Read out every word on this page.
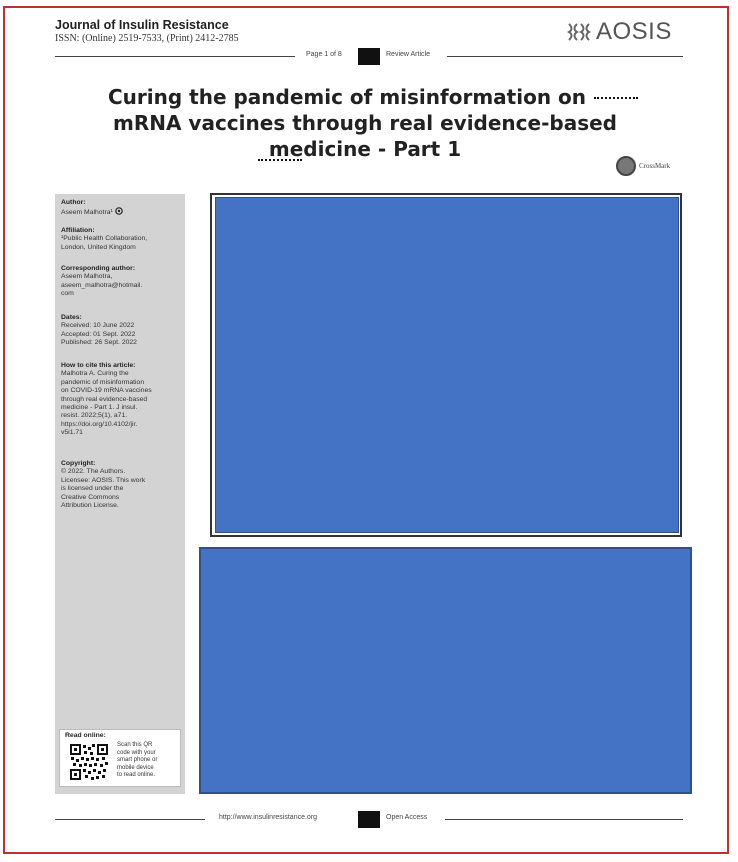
Journal of Insulin Resistance
ISSN: (Online) 2519-7533, (Print) 2412-2785	AOSIS
Page 1 of 8	Review Article
Curing the pandemic of misinformation on
mRNA vaccines through real evidence-based
medicine - Part 1
CrossMark
Author:
Aseem Malhotra¹
Affiliation:
¹Public Health Collaboration,
London, United Kingdom
Corresponding author:
Aseem Malhotra,
aseem_malhotra@hotmail.
com
Dates:
Received: 10 June 2022
Accepted: 01 Sept. 2022
Published: 26 Sept. 2022
How to cite this article:
Malhotra A. Curing the
pandemic of misinformation
on COVID-19 mRNA vaccines
through real evidence-based
medicine - Part 1. J insul.
resist. 2022;5(1), a71.
https://doi.org/10.4102/jir.
v5i1.71
Copyright:
© 2022. The Authors.
Licensee: AOSIS. This work
is licensed under the
Creative Commons
Attribution License.
Read online:
Scan this QR
code with your
smart phone or
mobile device
to read online.
http://www.insulinresistance.org	Open Access
